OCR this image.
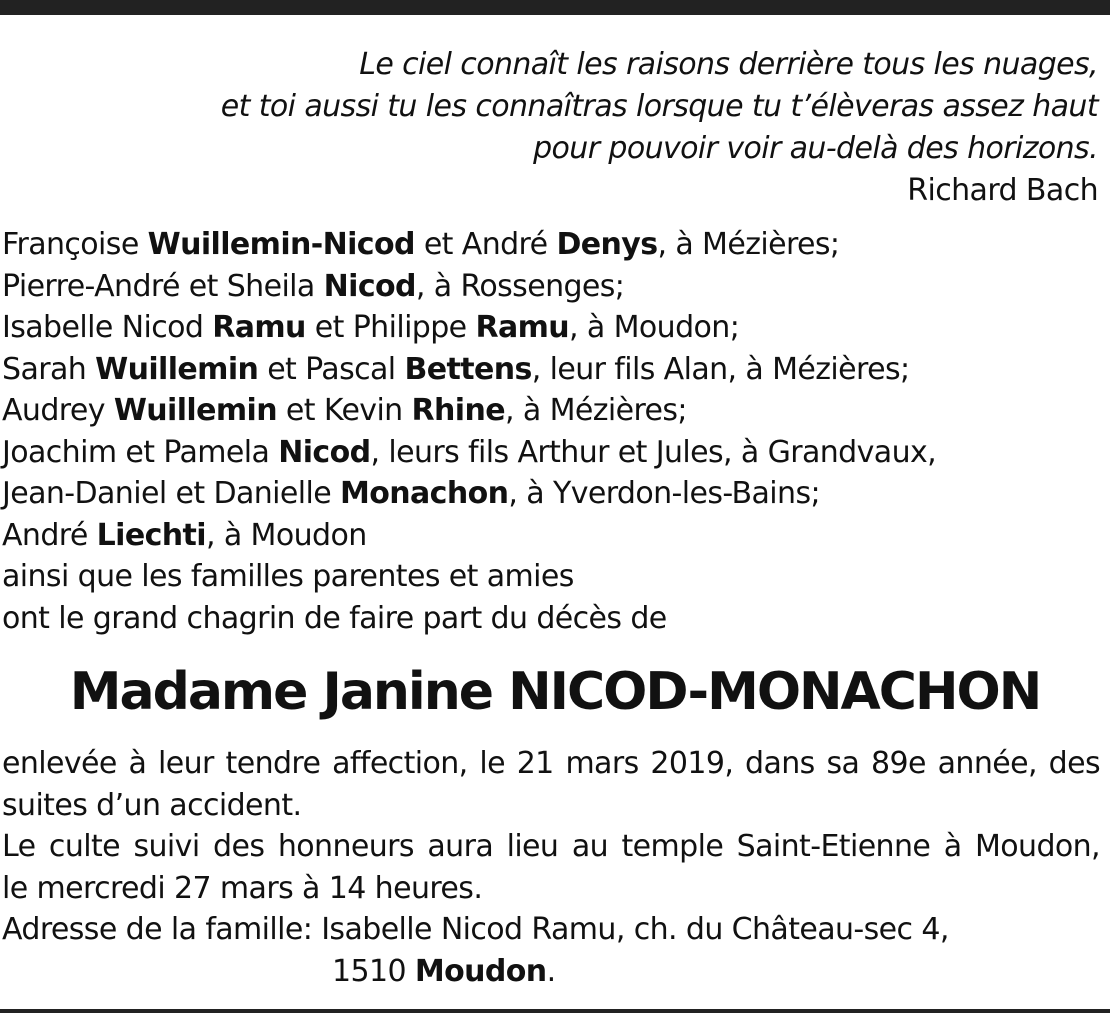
Le ciel connaît les raisons derrière tous les nuages,
et toi aussi tu les connaîtras lorsque tu t’élèveras assez haut
pour pouvoir voir au-delà des horizons.
Richard Bach
Françoise Wuillemin-Nicod et André Denys, à Mézières;
Pierre-André et Sheila Nicod, à Rossenges;
Isabelle Nicod Ramu et Philippe Ramu, à Moudon;
Sarah Wuillemin et Pascal Bettens, leur fils Alan, à Mézières;
Audrey Wuillemin et Kevin Rhine, à Mézières;
Joachim et Pamela Nicod, leurs fils Arthur et Jules, à Grandvaux,
Jean-Daniel et Danielle Monachon, à Yverdon-les-Bains;
André Liechti, à Moudon
ainsi que les familles parentes et amies
ont le grand chagrin de faire part du décès de
Madame Janine NICOD-MONACHON
enlevée à leur tendre affection, le 21 mars 2019, dans sa 89e année, des
suites d’un accident.
Le culte suivi des honneurs aura lieu au temple Saint-Etienne à Moudon,
le mercredi 27 mars à 14 heures.
Adresse de la famille: Isabelle Nicod Ramu, ch. du Château-sec 4,
1510 Moudon.
